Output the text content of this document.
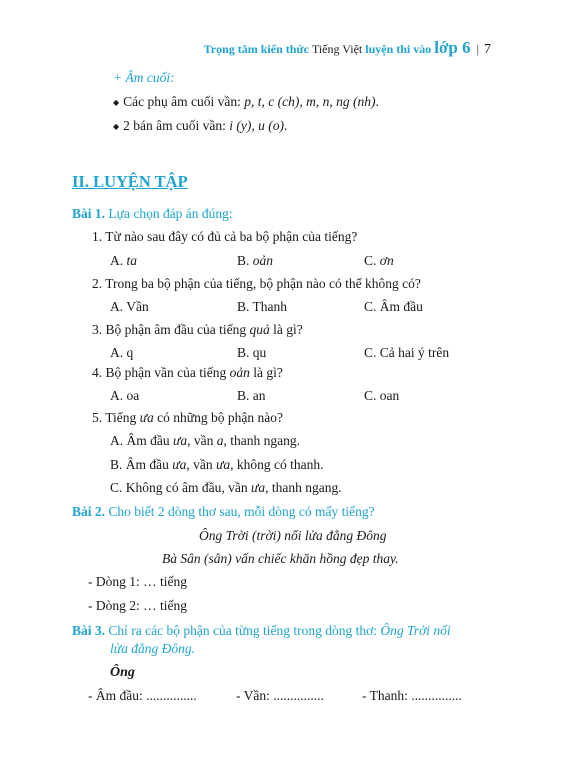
Trọng tâm kiến thức Tiếng Việt luyện thi vào lớp 6 | 7
+ Âm cuối:
◆ Các phụ âm cuối vần: p, t, c (ch), m, n, ng (nh).
◆ 2 bán âm cuối vần: i (y), u (o).
II. LUYỆN TẬP
Bài 1. Lựa chọn đáp án đúng:
1. Từ nào sau đây có đủ cả ba bộ phận của tiếng?
A. ta	B. oản	C. ơn
2. Trong ba bộ phận của tiếng, bộ phận nào có thể không có?
A. Vần	B. Thanh	C. Âm đầu
3. Bộ phận âm đầu của tiếng quả là gì?
A. q	B. qu	C. Cả hai ý trên
4. Bộ phận vần của tiếng oản là gì?
A. oa	B. an	C. oan
5. Tiếng ưa có những bộ phận nào?
A. Âm đầu ưa, vần a, thanh ngang.
B. Âm đầu ưa, vần ưa, không có thanh.
C. Không có âm đầu, vần ưa, thanh ngang.
Bài 2. Cho biết 2 dòng thơ sau, mỗi dòng có mấy tiếng?
Ông Trời (trời) nổi lửa đằng Đông
Bà Sân (sân) vấn chiếc khăn hồng đẹp thay.
- Dòng 1: … tiếng
- Dòng 2: … tiếng
Bài 3. Chỉ ra các bộ phận của từng tiếng trong dòng thơ: Ông Trời nổi
lửa đằng Đông.
Ông
- Âm đầu: ...............	- Vần: ...............	- Thanh: ...............
